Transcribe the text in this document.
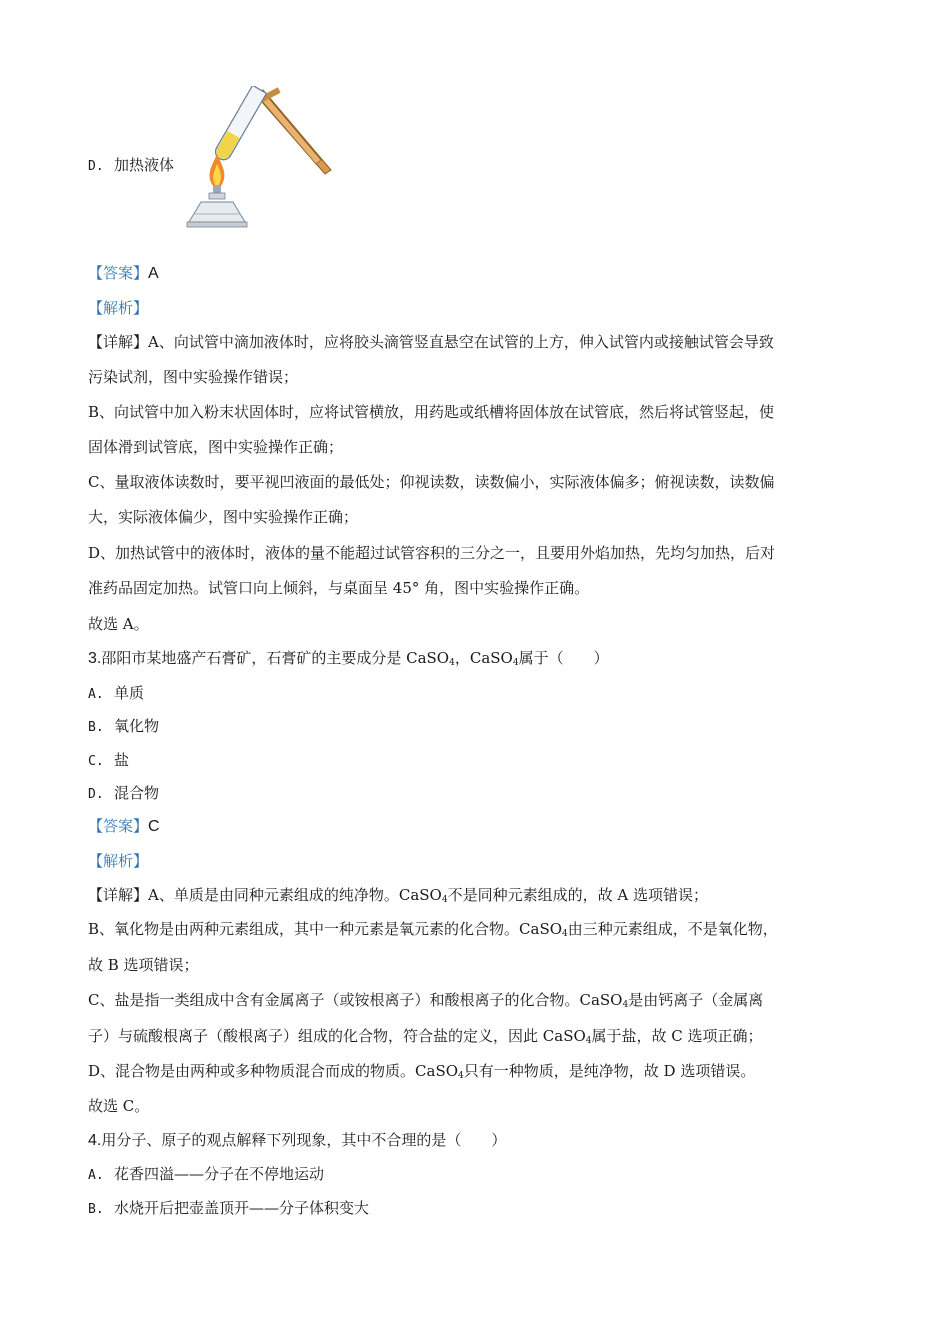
D. 加热液体
【答案】A
【解析】
【详解】A、向试管中滴加液体时，应将胶头滴管竖直悬空在试管的上方，伸入试管内或接触试管会导致
污染试剂，图中实验操作错误；
B、向试管中加入粉末状固体时，应将试管横放，用药匙或纸槽将固体放在试管底，然后将试管竖起，使
固体滑到试管底，图中实验操作正确；
C、量取液体读数时，要平视凹液面的最低处；仰视读数，读数偏小，实际液体偏多；俯视读数，读数偏
大，实际液体偏少，图中实验操作正确；
D、加热试管中的液体时，液体的量不能超过试管容积的三分之一，且要用外焰加热，先均匀加热，后对
准药品固定加热。试管口向上倾斜，与桌面呈 45° 角，图中实验操作正确。
故选 A。
3.邵阳市某地盛产石膏矿，石膏矿的主要成分是 CaSO$_4$，CaSO$_4$属于（　　）
A. 单质
B. 氧化物
C. 盐
D. 混合物
【答案】C
【解析】
【详解】A、单质是由同种元素组成的纯净物。CaSO$_4$不是同种元素组成的，故 A 选项错误；
B、氧化物是由两种元素组成，其中一种元素是氧元素的化合物。CaSO$_4$由三种元素组成，不是氧化物，
故 B 选项错误；
C、盐是指一类组成中含有金属离子（或铵根离子）和酸根离子的化合物。CaSO$_4$是由钙离子（金属离
子）与硫酸根离子（酸根离子）组成的化合物，符合盐的定义，因此 CaSO$_4$属于盐，故 C 选项正确；
D、混合物是由两种或多种物质混合而成的物质。CaSO$_4$只有一种物质，是纯净物，故 D 选项错误。
故选 C。
4.用分子、原子的观点解释下列现象，其中不合理的是（　　）
A. 花香四溢——分子在不停地运动
B. 水烧开后把壶盖顶开——分子体积变大
